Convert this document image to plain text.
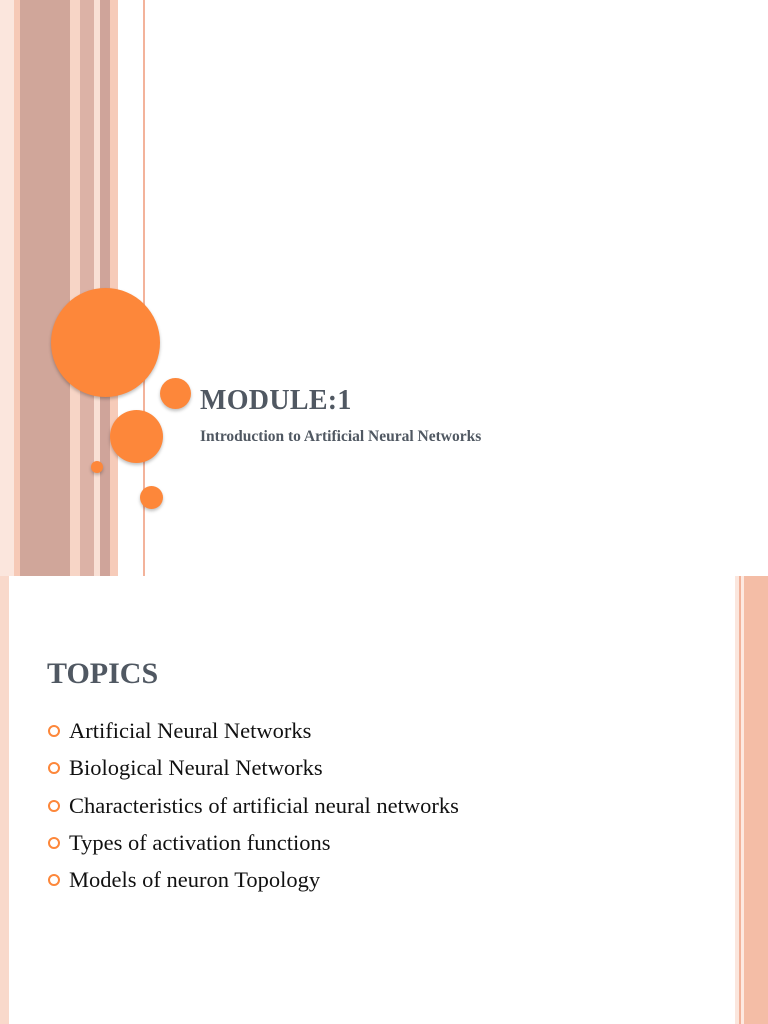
MODULE:1
Introduction to Artificial Neural Networks
TOPICS
Artificial Neural Networks
Biological Neural Networks
Characteristics of artificial neural networks
Types of activation functions
Models of neuron Topology
